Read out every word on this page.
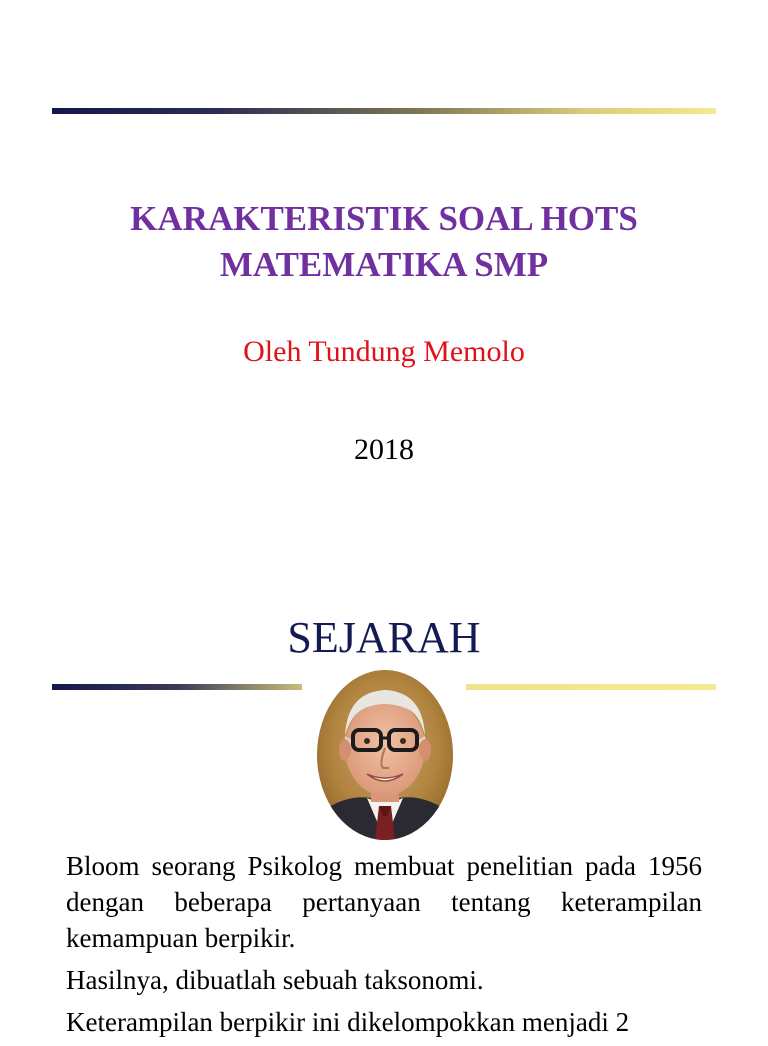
KARAKTERISTIK SOAL HOTS
MATEMATIKA SMP
Oleh Tundung Memolo
2018
SEJARAH

Bloom seorang Psikolog membuat penelitian pada 1956 dengan beberapa pertanyaan tentang keterampilan kemampuan berpikir.

Hasilnya, dibuatlah sebuah taksonomi.

Keterampilan berpikir ini dikelompokkan menjadi 2
